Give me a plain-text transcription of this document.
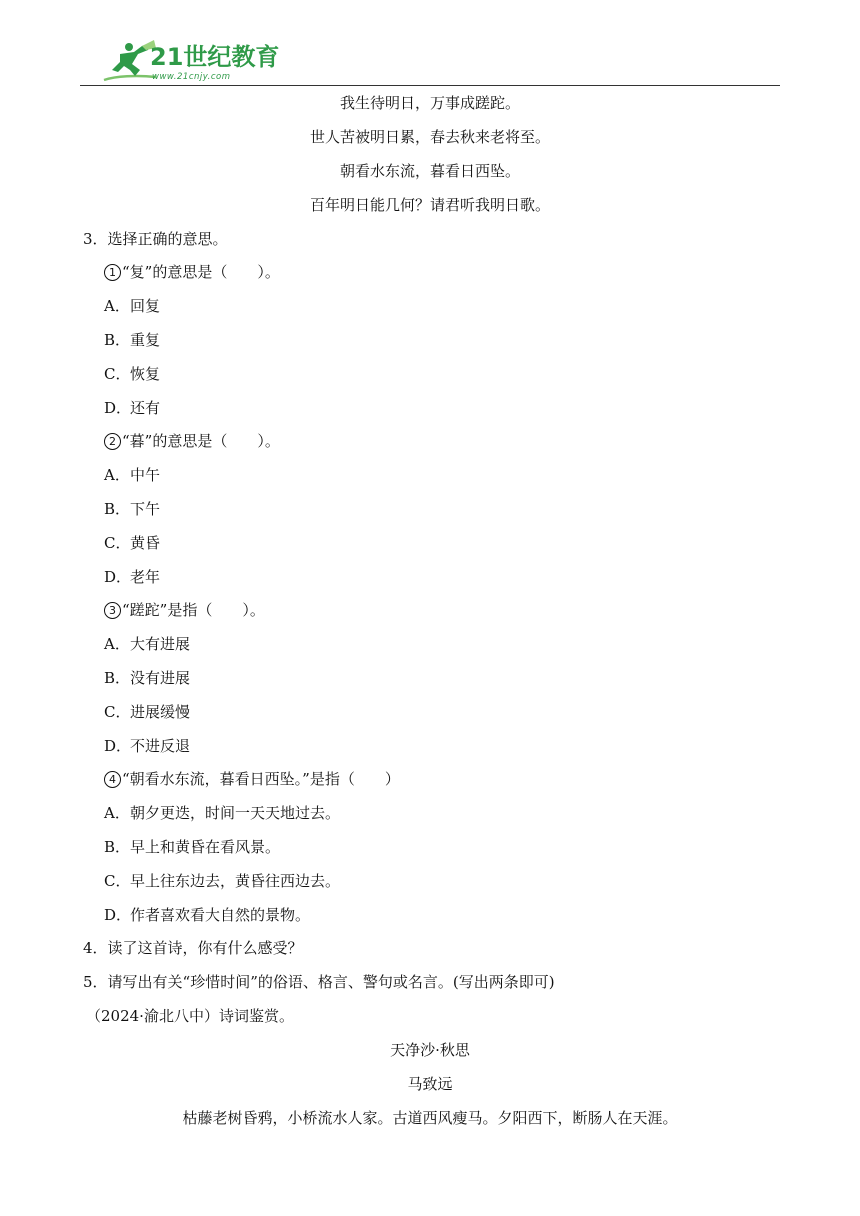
21世纪教育
www.21cnjy.com
我生待明日，万事成蹉跎。
世人苦被明日累，春去秋来老将至。
朝看水东流，暮看日西坠。
百年明日能几何？请君听我明日歌。
3．选择正确的意思。
1 “复”的意思是（　　）。
A．回复
B．重复
C．恢复
D．还有
2 “暮”的意思是（　　）。
A．中午
B．下午
C．黄昏
D．老年
3 “蹉跎”是指（　　）。
A．大有进展
B．没有进展
C．进展缓慢
D．不进反退
4 “朝看水东流，暮看日西坠。”是指（　　）
A．朝夕更迭，时间一天天地过去。
B．早上和黄昏在看风景。
C．早上往东边去，黄昏往西边去。
D．作者喜欢看大自然的景物。
4．读了这首诗，你有什么感受？
5．请写出有关“珍惜时间”的俗语、格言、警句或名言。(写出两条即可)
（2024·渝北八中）诗词鉴赏。
天净沙·秋思
马致远
枯藤老树昏鸦，小桥流水人家。古道西风瘦马。夕阳西下，断肠人在天涯。
